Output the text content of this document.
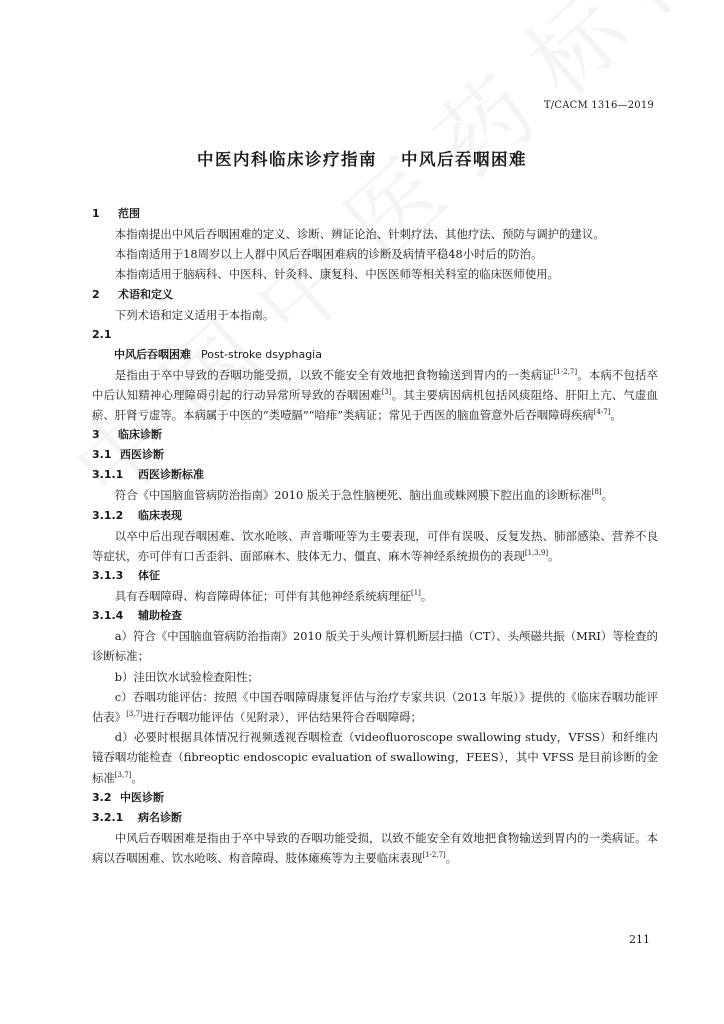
T/CACM 1316—2019
中医内科临床诊疗指南 中风后吞咽困难
1 范围
本指南提出中风后吞咽困难的定义、诊断、辨证论治、针刺疗法、其他疗法、预防与调护的建议。
本指南适用于18周岁以上人群中风后吞咽困难病的诊断及病情平稳48小时后的防治。
本指南适用于脑病科、中医科、针灸科、康复科、中医医师等相关科室的临床医师使用。
2 术语和定义
下列术语和定义适用于本指南。
2.1
中风后吞咽困难 Post-stroke dsyphagia
是指由于卒中导致的吞咽功能受损，以致不能安全有效地把食物输送到胃内的一类病证[1-2,7]。本病不包括卒中后认知精神心理障碍引起的行动异常所导致的吞咽困难[3]。其主要病因病机包括风痰阻络、肝阳上亢、气虚血瘀、肝肾亏虚等。本病属于中医的“类噎膈”“喑痱”类病证；常见于西医的脑血管意外后吞咽障碍疾病[4-7]。
3 临床诊断
3.1 西医诊断
3.1.1 西医诊断标准
符合《中国脑血管病防治指南》2010 版关于急性脑梗死、脑出血或蛛网膜下腔出血的诊断标准[8]。
3.1.2 临床表现
以卒中后出现吞咽困难、饮水呛咳、声音嘶哑等为主要表现，可伴有误吸、反复发热、肺部感染、营养不良等症状，亦可伴有口舌歪斜、面部麻木、肢体无力、僵直、麻木等神经系统损伤的表现[1,3,9]。
3.1.3 体征
具有吞咽障碍、构音障碍体征；可伴有其他神经系统病理征[1]。
3.1.4 辅助检查
a）符合《中国脑血管病防治指南》2010 版关于头颅计算机断层扫描（CT）、头颅磁共振（MRI）等检查的诊断标准；
b）洼田饮水试验检查阳性；
c）吞咽功能评估：按照《中国吞咽障碍康复评估与治疗专家共识（2013 年版）》提供的《临床吞咽功能评估表》[3,7]进行吞咽功能评估（见附录），评估结果符合吞咽障碍；
d）必要时根据具体情况行视频透视吞咽检查（videofluoroscope swallowing study，VFSS）和纤维内镜吞咽功能检查（fibreoptic endoscopic evaluation of swallowing，FEES），其中 VFSS 是目前诊断的金标准[3,7]。
3.2 中医诊断
3.2.1 病名诊断
中风后吞咽困难是指由于卒中导致的吞咽功能受损，以致不能安全有效地把食物输送到胃内的一类病证。本病以吞咽困难、饮水呛咳、构音障碍、肢体瘫痪等为主要临床表现[1-2,7]。
211
